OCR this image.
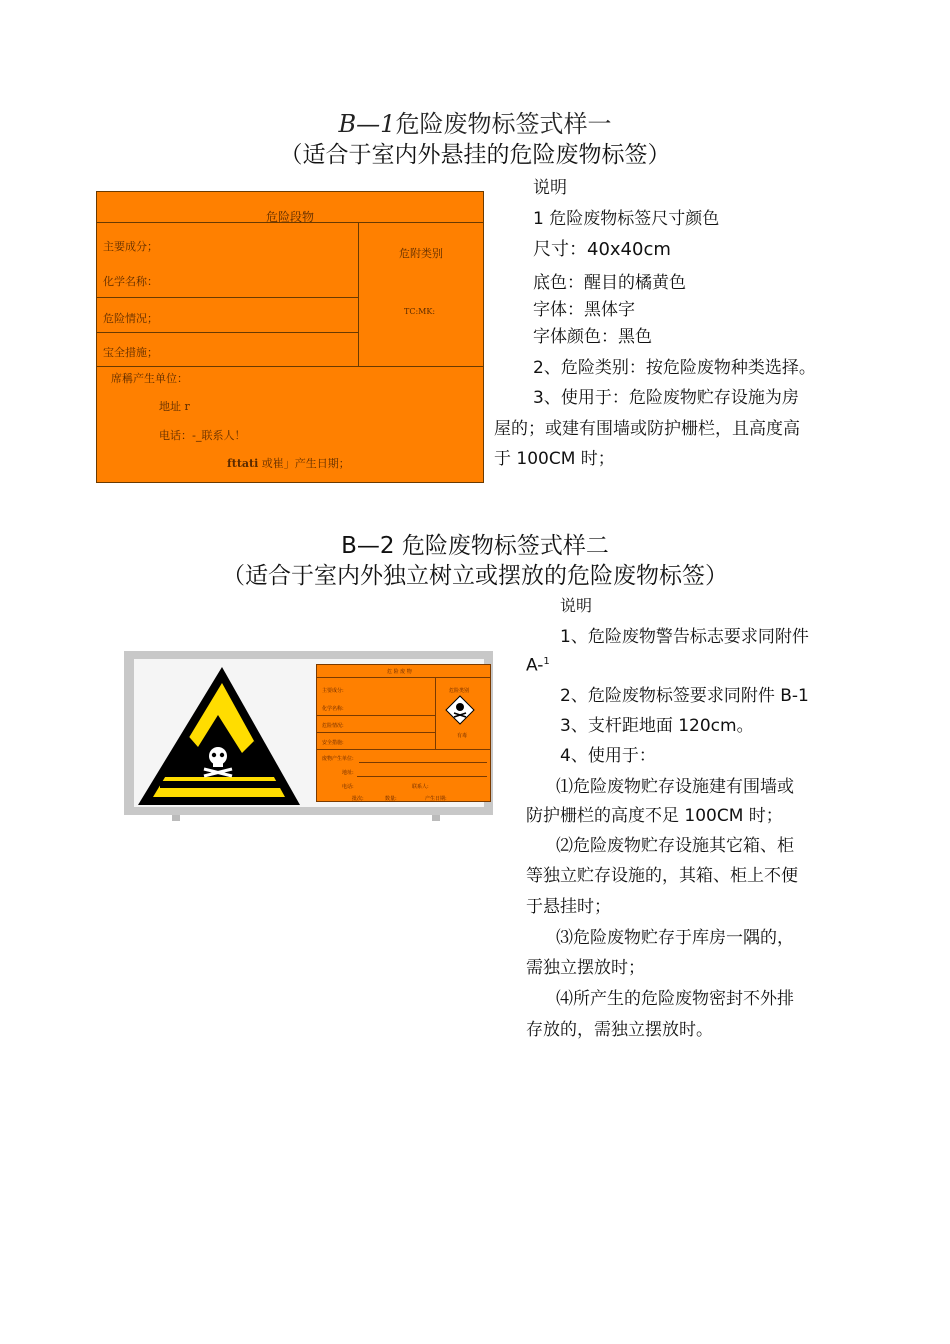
B—1危险废物标签式样一
（适合于室内外悬挂的危险废物标签）
危险段物
主要成分；
化学名称：
危险情况；
宝全措施；
危附类别
TC:MK:
席稱产生单位：
地址 r
电话：-_联系人！
fttati 或崔」产生日期；
说明
1 危险废物标签尺寸颜色
尺寸：40x40cm
底色：醒目的橘黄色
字体：黑体字
字体颜色：黑色
2、危险类别：按危险废物种类选择。
3、使用于：危险废物贮存设施为房
屋的；或建有围墙或防护栅栏，且高度高
于 100CM 时；
B—2 危险废物标签式样二
（适合于室内外独立树立或摆放的危险废物标签）
危 险 废 物
主要成分:
化学名称:
危险情况:
安全措施:
危险类别
有毒
废物产生单位:
地址:
电话:	联系人:
批次:	数量:	产生日期:
说明
1、危险废物警告标志要求同附件
A-$^1$
2、危险废物标签要求同附件 B-1
3、支杆距地面 120cm。
4、使用于：
⑴危险废物贮存设施建有围墙或
防护栅栏的高度不足 100CM 时；
⑵危险废物贮存设施其它箱、柜
等独立贮存设施的，其箱、柜上不便
于悬挂时；
⑶危险废物贮存于库房一隅的，
需独立摆放时；
⑷所产生的危险废物密封不外排
存放的，需独立摆放时。
